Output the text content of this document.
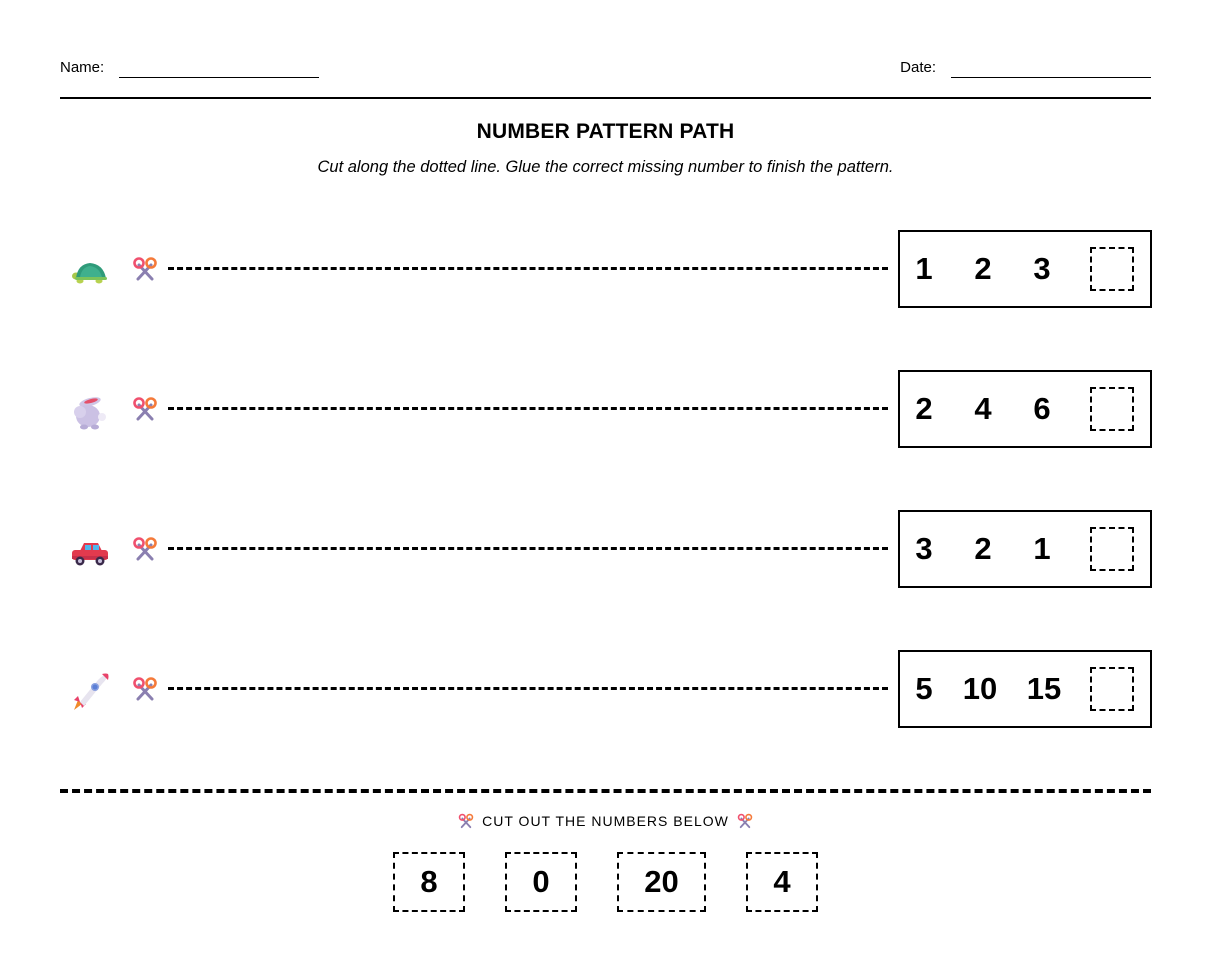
Name:	Date:
NUMBER PATTERN PATH
Cut along the dotted line. Glue the correct missing number to finish the pattern.
1	2	3
2	4	6
3	2	1
5 10 15
CUT OUT THE NUMBERS BELOW
8	0	20	4
